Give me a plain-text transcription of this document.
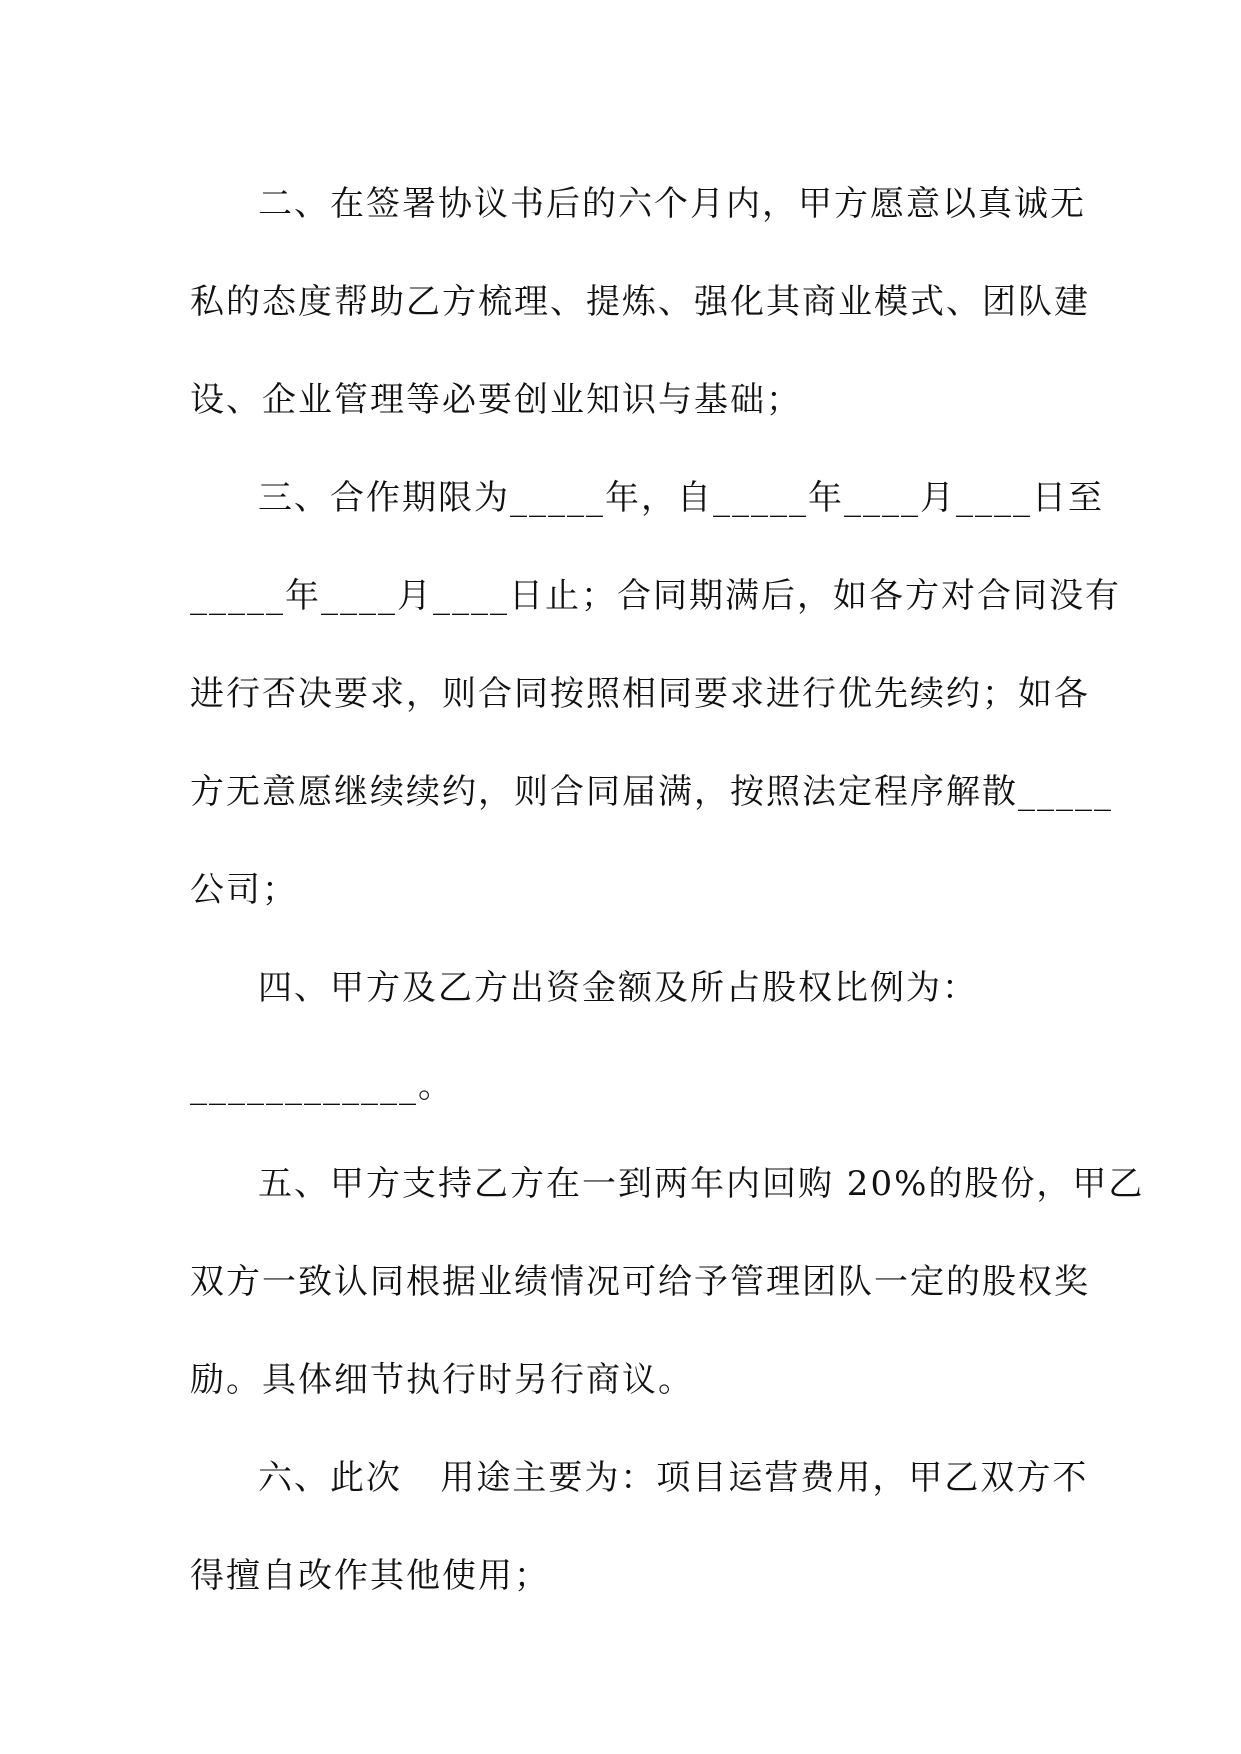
二、在签署协议书后的六个月内，甲方愿意以真诚无
私的态度帮助乙方梳理、提炼、强化其商业模式、团队建
设、企业管理等必要创业知识与基础；
三、合作期限为_____年，自_____年____月____日至
_____年____月____日止；合同期满后，如各方对合同没有
进行否决要求，则合同按照相同要求进行优先续约；如各
方无意愿继续续约，则合同届满，按照法定程序解散_____
公司；
四、甲方及乙方出资金额及所占股权比例为：
____________。
五、甲方支持乙方在一到两年内回购 20%的股份，甲乙
双方一致认同根据业绩情况可给予管理团队一定的股权奖
励。具体细节执行时另行商议。
六、此次   用途主要为：项目运营费用，甲乙双方不
得擅自改作其他使用；
